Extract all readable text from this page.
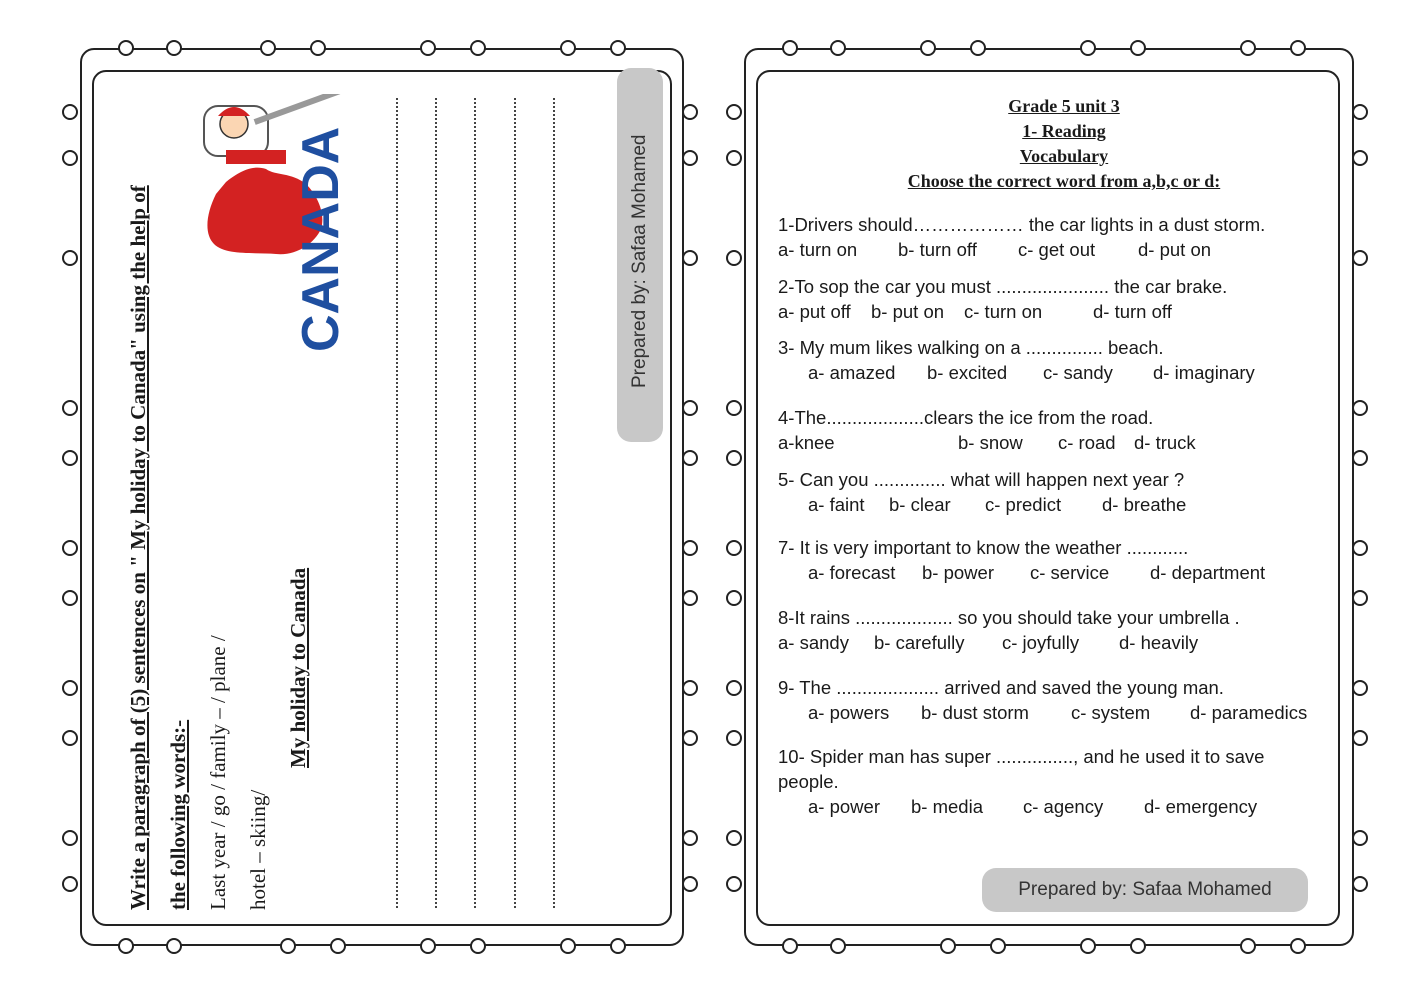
Write a paragraph of (5) sentences on " My holiday to Canada" using the help of the following words:- Last year / go / family – / plane / hotel – skiing/
My holiday to Canada
CANADA	Prepared by: Safaa Mohamed
Grade 5 unit 3
1- Reading
Vocabulary
Choose the correct word from a,b,c or d:
1-Drivers should……………… the car lights in a dust storm.
a- turn on b- turn off c- get out d- put on
2-To sop the car you must ...................... the car brake.
a- put off b- put on c- turn on	d- turn off
3- My mum likes walking on a ............... beach.
a- amazed b- excited c- sandy d- imaginary
4-The...................clears the ice from the road.
a-knee	b- snow c- road d- truck
5- Can you .............. what will happen next year ?
a- faint b- clear c- predict d- breathe
7- It is very important to know the weather ............
a- forecast b- power c- service d- department
8-It rains ................... so you should take your umbrella .
a- sandy b- carefully c- joyfully d- heavily
9- The .................... arrived and saved the young man.
a- powers b- dust storm c- system d- paramedics
10- Spider man has super ..............., and he used it to save
people.
a- power b- media c- agency d- emergency
Prepared by: Safaa Mohamed
